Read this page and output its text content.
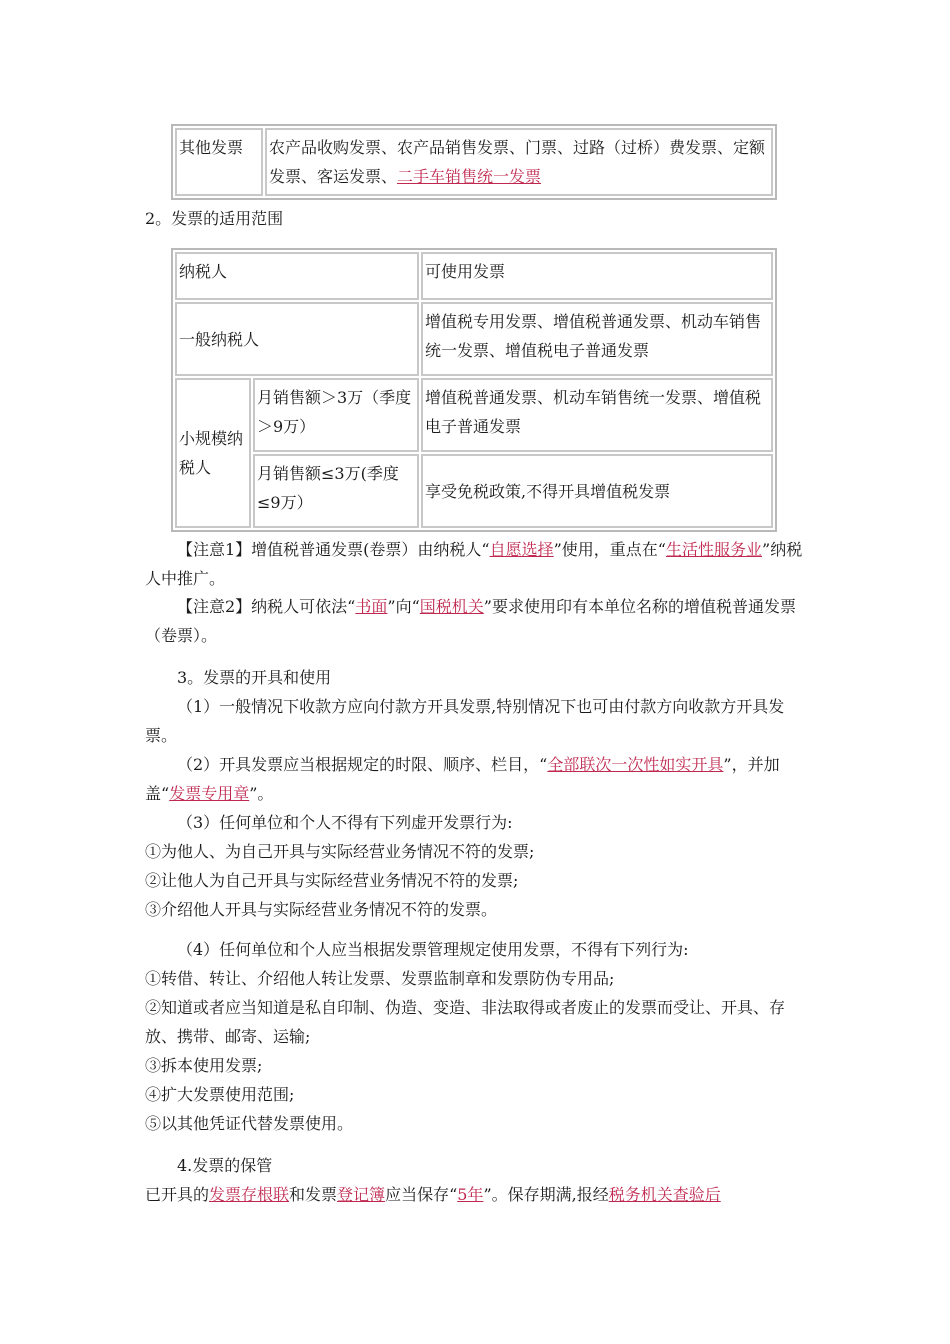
其他发票	农产品收购发票、农产品销售发票、门票、过路（过桥）费发票、定额发票、客运发票、二手车销售统一发票

2。发票的适用范围

纳税人		可使用发票
一般纳税人		增值税专用发票、增值税普通发票、机动车销售统一发票、增值税电子普通发票
小规模纳税人	月销售额＞3万（季度＞9万）	增值税普通发票、机动车销售统一发票、增值税电子普通发票
	月销售额≤3万(季度≤9万）	享受免税政策,不得开具增值税发票

【注意1】增值税普通发票(卷票）由纳税人“自愿选择”使用，重点在“生活性服务业”纳税人中推广。

【注意2】纳税人可依法“书面”向“国税机关”要求使用印有本单位名称的增值税普通发票（卷票）。

3。发票的开具和使用

（1）一般情况下收款方应向付款方开具发票,特别情况下也可由付款方向收款方开具发票。

（2）开具发票应当根据规定的时限、顺序、栏目，“全部联次一次性如实开具”，并加盖“发票专用章”。

（3）任何单位和个人不得有下列虚开发票行为:

①为他人、为自己开具与实际经营业务情况不符的发票;

②让他人为自己开具与实际经营业务情况不符的发票;

③介绍他人开具与实际经营业务情况不符的发票。

（4）任何单位和个人应当根据发票管理规定使用发票，不得有下列行为:

①转借、转让、介绍他人转让发票、发票监制章和发票防伪专用品;

②知道或者应当知道是私自印制、伪造、变造、非法取得或者废止的发票而受让、开具、存放、携带、邮寄、运输;

③拆本使用发票;

④扩大发票使用范围;

⑤以其他凭证代替发票使用。

4.发票的保管

已开具的发票存根联和发票登记簿应当保存“5年”。保存期满,报经税务机关查验后
